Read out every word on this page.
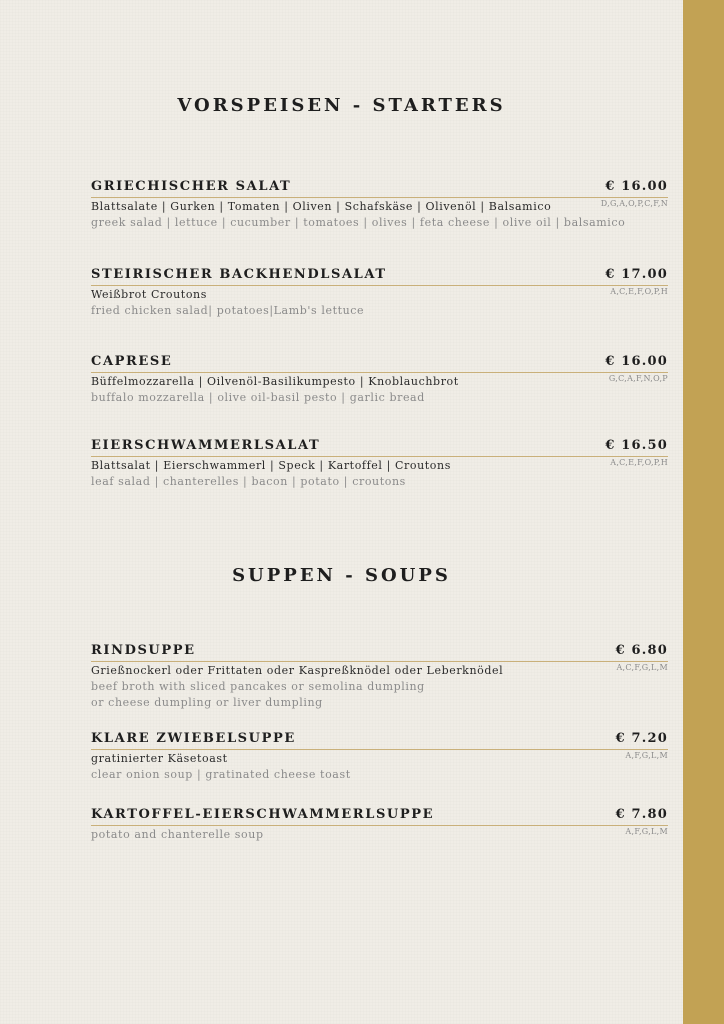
VORSPEISEN - STARTERS
GRIECHISCHER SALAT	€ 16.00
Blattsalate | Gurken | Tomaten | Oliven | Schafskäse | Olivenöl | Balsamico	D,G,A,O,P,C,F,N
greek salad | lettuce | cucumber | tomatoes | olives | feta cheese | olive oil | balsamico
STEIRISCHER BACKHENDLSALAT	€ 17.00
Weißbrot Croutons	A,C,E,F,O,P,H
fried chicken salad| potatoes|Lamb's lettuce
CAPRESE	€ 16.00
Büffelmozzarella | Oilvenöl-Basilikumpesto | Knoblauchbrot	G,C,A,F,N,O,P
buffalo mozzarella | olive oil-basil pesto | garlic bread
EIERSCHWAMMERLSALAT	€ 16.50
Blattsalat | Eierschwammerl | Speck | Kartoffel | Croutons	A,C,E,F,O,P,H
leaf salad | chanterelles | bacon | potato | croutons
SUPPEN - SOUPS
RINDSUPPE	€ 6.80
Grießnockerl oder Frittaten oder Kaspreßknödel oder Leberknödel	A,C,F,G,L,M
beef broth with sliced pancakes or semolina dumpling
or cheese dumpling or liver dumpling
KLARE ZWIEBELSUPPE	€ 7.20
gratinierter Käsetoast	A,F,G,L,M
clear onion soup | gratinated cheese toast
KARTOFFEL-EIERSCHWAMMERLSUPPE	€ 7.80
potato and chanterelle soup	A,F,G,L,M
